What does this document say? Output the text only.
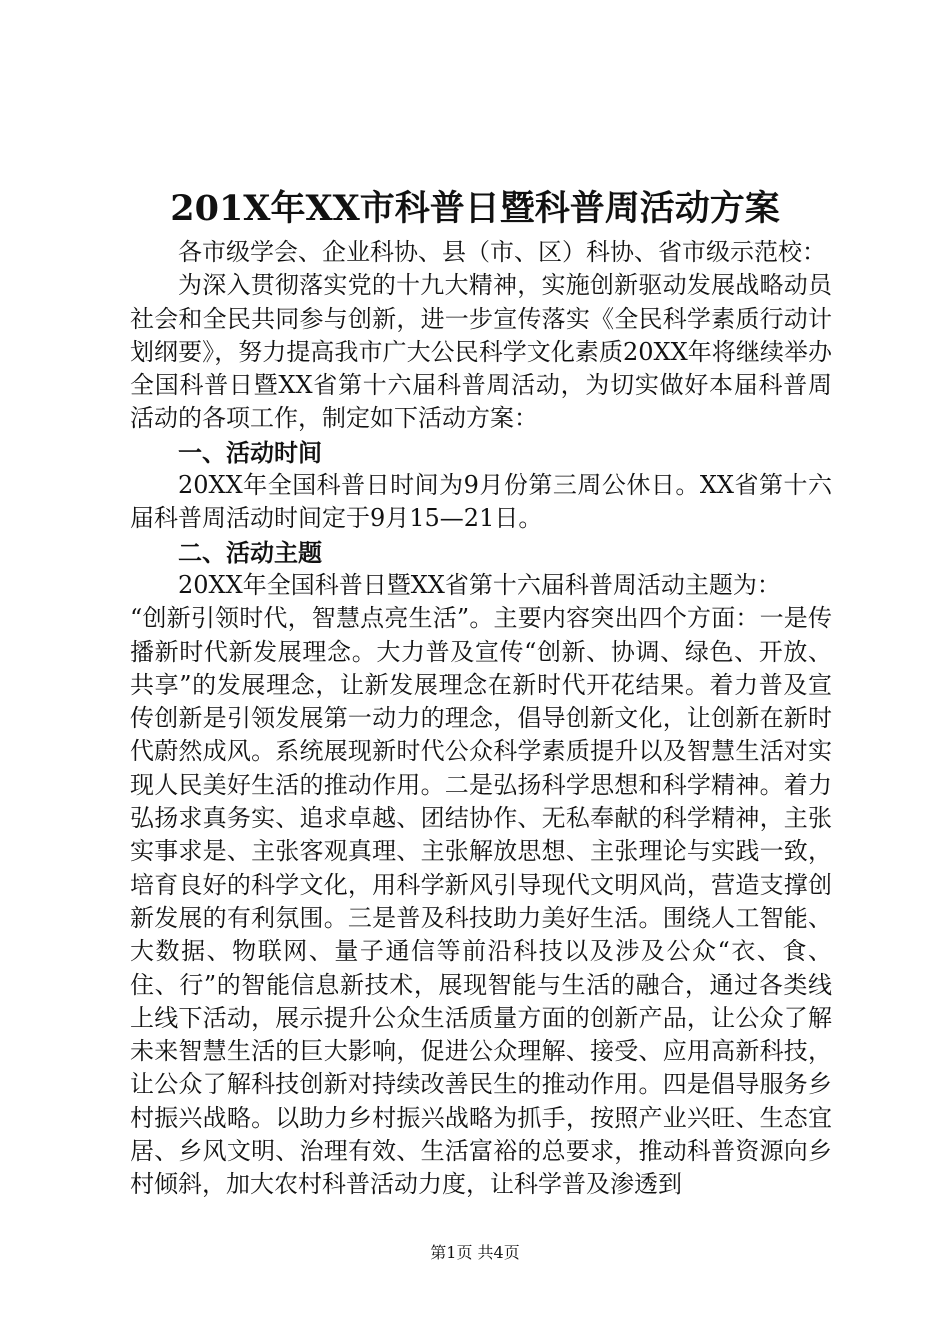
201X年XX市科普日暨科普周活动方案

各市级学会、企业科协、县（市、区）科协、省市级示范校：

为深入贯彻落实党的十九大精神，实施创新驱动发展战略动员社会和全民共同参与创新，进一步宣传落实《全民科学素质行动计划纲要》，努力提高我市广大公民科学文化素质20XX年将继续举办全国科普日暨XX省第十六届科普周活动，为切实做好本届科普周活动的各项工作，制定如下活动方案：

一、活动时间

20XX年全国科普日时间为9月份第三周公休日。XX省第十六届科普周活动时间定于9月15—21日。

二、活动主题

20XX年全国科普日暨XX省第十六届科普周活动主题为：

“创新引领时代，智慧点亮生活”。主要内容突出四个方面：一是传播新时代新发展理念。大力普及宣传“创新、协调、绿色、开放、共享”的发展理念，让新发展理念在新时代开花结果。着力普及宣传创新是引领发展第一动力的理念，倡导创新文化，让创新在新时代蔚然成风。系统展现新时代公众科学素质提升以及智慧生活对实现人民美好生活的推动作用。二是弘扬科学思想和科学精神。着力弘扬求真务实、追求卓越、团结协作、无私奉献的科学精神，主张实事求是、主张客观真理、主张解放思想、主张理论与实践一致，培育良好的科学文化，用科学新风引导现代文明风尚，营造支撑创新发展的有利氛围。三是普及科技助力美好生活。围绕人工智能、大数据、物联网、量子通信等前沿科技以及涉及公众“衣、食、住、行”的智能信息新技术，展现智能与生活的融合，通过各类线上线下活动，展示提升公众生活质量方面的创新产品，让公众了解未来智慧生活的巨大影响，促进公众理解、接受、应用高新科技，让公众了解科技创新对持续改善民生的推动作用。四是倡导服务乡村振兴战略。以助力乡村振兴战略为抓手，按照产业兴旺、生态宜居、乡风文明、治理有效、生活富裕的总要求，推动科普资源向乡村倾斜，加大农村科普活动力度，让科学普及渗透到

第1页 共4页
